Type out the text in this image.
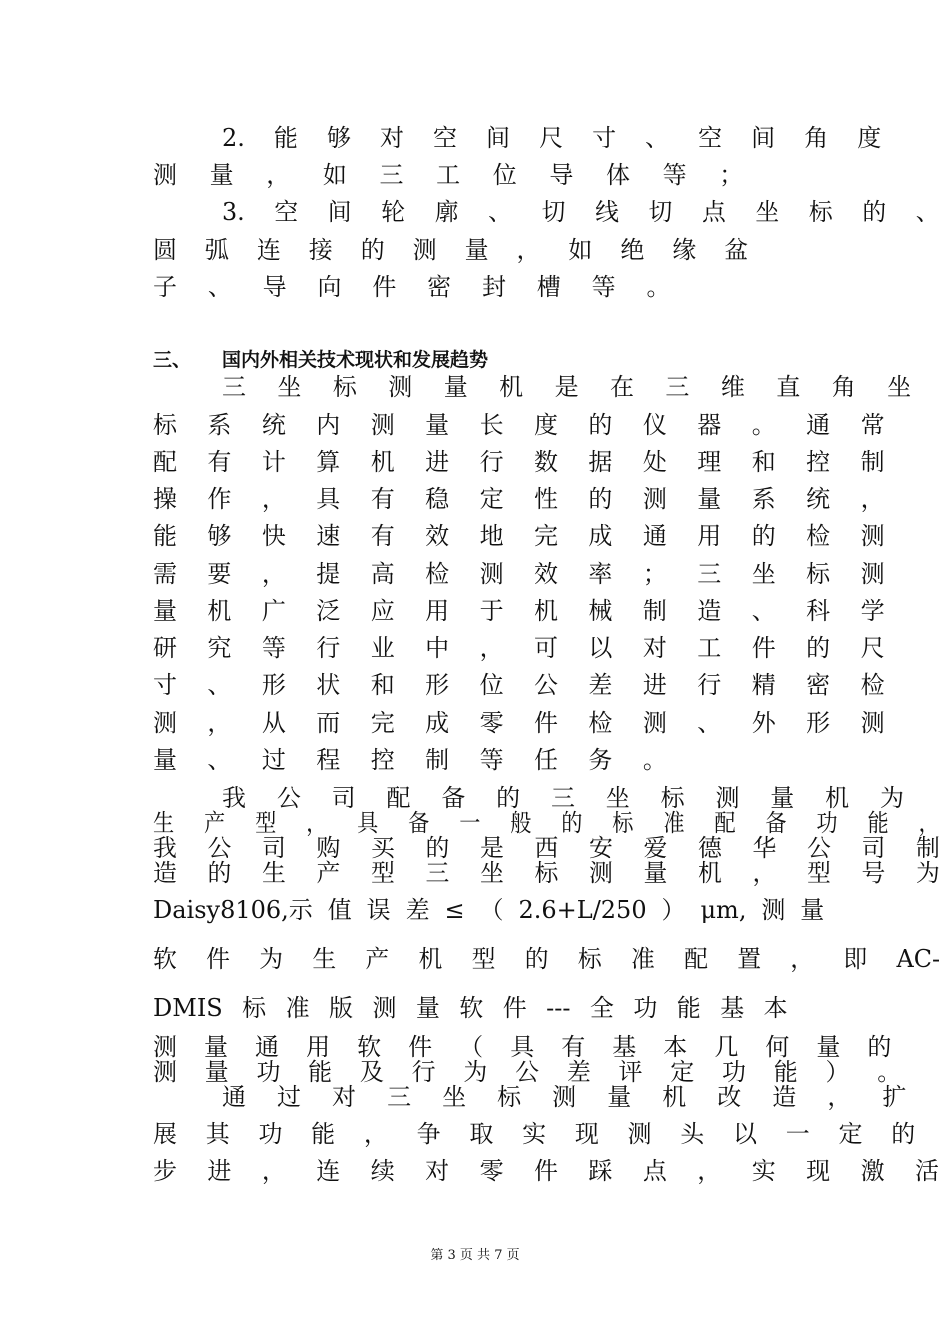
三、 国内外相关技术现状和发展趋势
2. 能 够 对 空 间 尺 寸 、 空 间 角 度
测 量 ， 如 三 工 位 导 体 等 ；
3. 空 间 轮 廓 、 切 线 切 点 坐 标 的 、
圆 弧 连 接 的 测 量 ， 如 绝 缘 盆
子 、 导 向 件 密 封 槽 等 。
三 坐 标 测 量 机 是 在 三 维 直 角 坐
标 系 统 内 测 量 长 度 的 仪 器 。 通 常
配 有 计 算 机 进 行 数 据 处 理 和 控 制
操 作 ， 具 有 稳 定 性 的 测 量 系 统 ，
能 够 快 速 有 效 地 完 成 通 用 的 检 测
需 要 ， 提 高 检 测 效 率 ； 三 坐 标 测
量 机 广 泛 应 用 于 机 械 制 造 、 科 学
研 究 等 行 业 中 ， 可 以 对 工 件 的 尺
寸 、 形 状 和 形 位 公 差 进 行 精 密 检
测 ， 从 而 完 成 零 件 检 测 、 外 形 测
量 、 过 程 控 制 等 任 务 。
我 公 司 配 备 的 三 坐 标 测 量 机 为
生 产 型 ， 具 备 一 般 的 标 准 配 备 功 能 ，
我 公 司 购 买 的 是 西 安 爱 德 华 公 司 制
造 的 生 产 型 三 坐 标 测 量 机 ， 型 号 为
Daisy8106,示 值 误 差 ≤ （ 2.6+L/250 ） μm, 测 量
软 件 为 生 产 机 型 的 标 准 配 置 ， 即 AC-
DMIS 标 准 版 测 量 软 件 --- 全 功 能 基 本
测 量 通 用 软 件 （ 具 有 基 本 几 何 量 的
测 量 功 能 及 行 为 公 差 评 定 功 能 ） 。
通 过 对 三 坐 标 测 量 机 改 造 ， 扩
展 其 功 能 ， 争 取 实 现 测 头 以 一 定 的
步 进 ， 连 续 对 零 件 踩 点 ， 实 现 激 活
第 3 页 共 7 页
